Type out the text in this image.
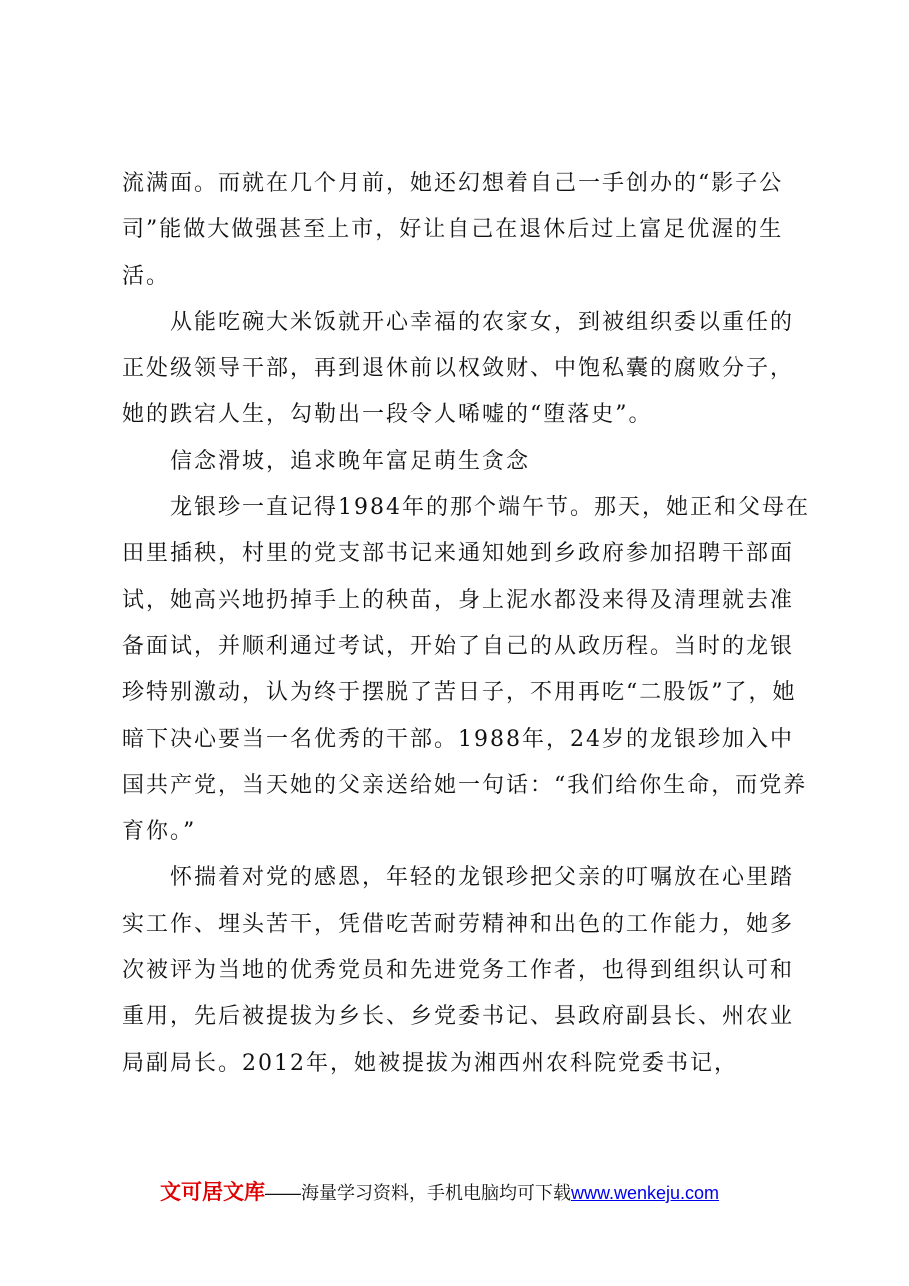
流满面。而就在几个月前，她还幻想着自己一手创办的“影子公司”能做大做强甚至上市，好让自己在退休后过上富足优渥的生活。

从能吃碗大米饭就开心幸福的农家女，到被组织委以重任的正处级领导干部，再到退休前以权敛财、中饱私囊的腐败分子，她的跌宕人生，勾勒出一段令人唏嘘的“堕落史”。

信念滑坡，追求晚年富足萌生贪念

龙银珍一直记得1984年的那个端午节。那天，她正和父母在田里插秧，村里的党支部书记来通知她到乡政府参加招聘干部面试，她高兴地扔掉手上的秧苗，身上泥水都没来得及清理就去准备面试，并顺利通过考试，开始了自己的从政历程。当时的龙银珍特别激动，认为终于摆脱了苦日子，不用再吃“二股饭”了，她暗下决心要当一名优秀的干部。1988年，24岁的龙银珍加入中国共产党，当天她的父亲送给她一句话：“我们给你生命，而党养育你。”

怀揣着对党的感恩，年轻的龙银珍把父亲的叮嘱放在心里踏实工作、埋头苦干，凭借吃苦耐劳精神和出色的工作能力，她多次被评为当地的优秀党员和先进党务工作者，也得到组织认可和重用，先后被提拔为乡长、乡党委书记、县政府副县长、州农业局副局长。2012年，她被提拔为湘西州农科院党委书记，

文可居文库——海量学习资料，手机电脑均可下载www.wenkeju.com
